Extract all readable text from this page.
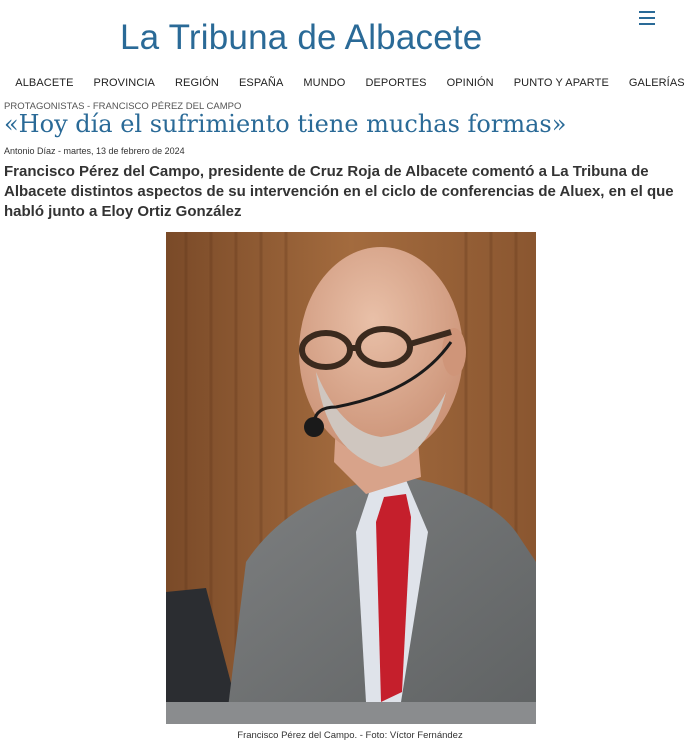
La Tribuna de Albacete
ALBACETE PROVINCIA REGIÓN ESPAÑA MUNDO DEPORTES OPINIÓN PUNTO Y APARTE GALERÍAS
PROTAGONISTAS - FRANCISCO PÉREZ DEL CAMPO
«Hoy día el sufrimiento tiene muchas formas»
Antonio Díaz - martes, 13 de febrero de 2024

Francisco Pérez del Campo, presidente de Cruz Roja de Albacete comentó a La Tribuna de Albacete distintos aspectos de su intervención en el ciclo de conferencias de Aluex, en el que habló junto a Eloy Ortiz González

Francisco Pérez del Campo. - Foto: Víctor Fernández
